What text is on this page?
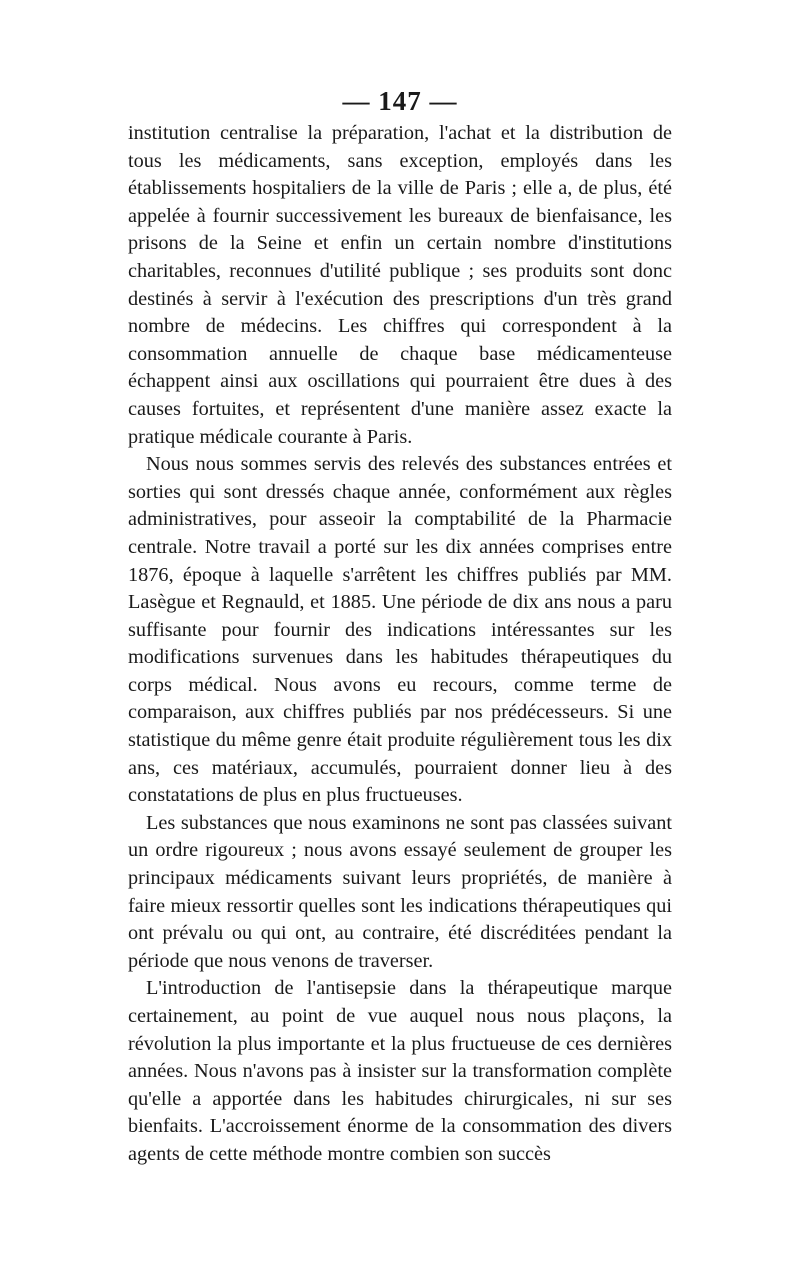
— 147 —

institution centralise la préparation, l'achat et la distribution de tous les médicaments, sans exception, employés dans les établissements hospitaliers de la ville de Paris ; elle a, de plus, été appelée à fournir successivement les bureaux de bienfaisance, les prisons de la Seine et enfin un certain nombre d'institutions charitables, reconnues d'utilité publique ; ses produits sont donc destinés à servir à l'exécution des prescriptions d'un très grand nombre de médecins. Les chiffres qui correspondent à la consommation annuelle de chaque base médicamenteuse échappent ainsi aux oscillations qui pourraient être dues à des causes fortuites, et représentent d'une manière assez exacte la pratique médicale courante à Paris.

Nous nous sommes servis des relevés des substances entrées et sorties qui sont dressés chaque année, conformément aux règles administratives, pour asseoir la comptabilité de la Pharmacie centrale. Notre travail a porté sur les dix années comprises entre 1876, époque à laquelle s'arrêtent les chiffres publiés par MM. Lasègue et Regnauld, et 1885. Une période de dix ans nous a paru suffisante pour fournir des indications intéressantes sur les modifications survenues dans les habitudes thérapeutiques du corps médical. Nous avons eu recours, comme terme de comparaison, aux chiffres publiés par nos prédécesseurs. Si une statistique du même genre était produite régulièrement tous les dix ans, ces matériaux, accumulés, pourraient donner lieu à des constatations de plus en plus fructueuses.

Les substances que nous examinons ne sont pas classées suivant un ordre rigoureux ; nous avons essayé seulement de grouper les principaux médicaments suivant leurs propriétés, de manière à faire mieux ressortir quelles sont les indications thérapeutiques qui ont prévalu ou qui ont, au contraire, été discréditées pendant la période que nous venons de traverser.

L'introduction de l'antisepsie dans la thérapeutique marque certainement, au point de vue auquel nous nous plaçons, la révolution la plus importante et la plus fructueuse de ces dernières années. Nous n'avons pas à insister sur la transformation complète qu'elle a apportée dans les habitudes chirurgicales, ni sur ses bienfaits. L'accroissement énorme de la consommation des divers agents de cette méthode montre combien son succès
